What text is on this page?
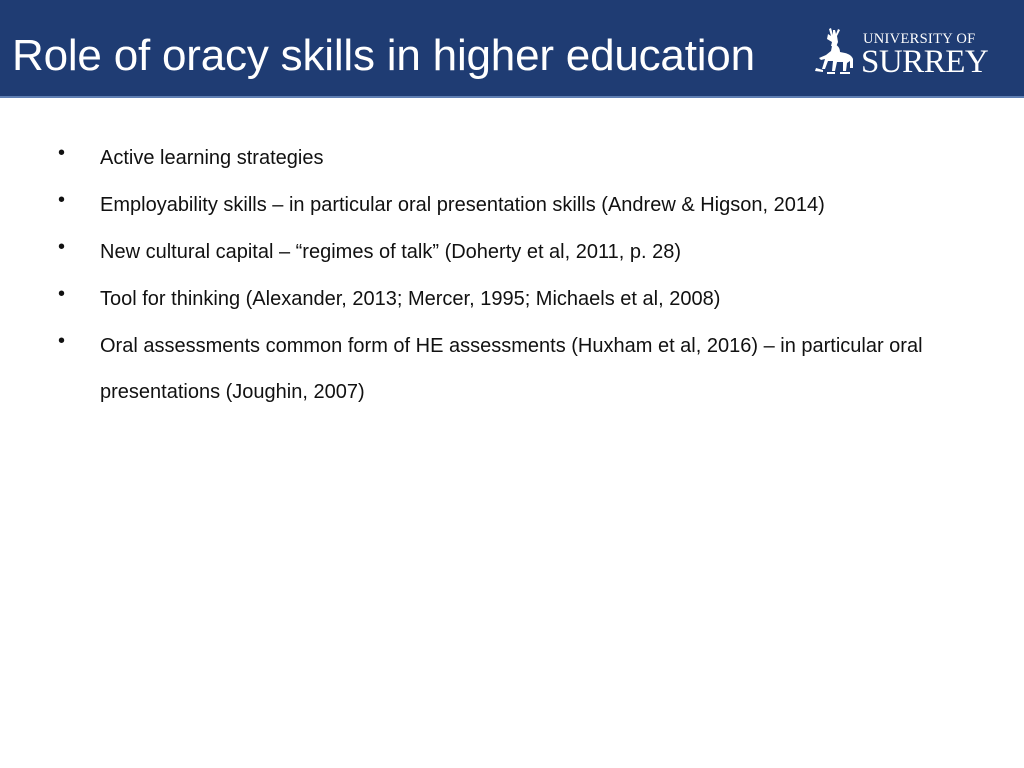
Role of oracy skills in higher education	UNIVERSITY OF
SURREY
•	Active learning strategies
•	Employability skills – in particular oral presentation skills (Andrew & Higson, 2014)
•	New cultural capital – “regimes of talk” (Doherty et al, 2011, p. 28)
•	Tool for thinking (Alexander, 2013; Mercer, 1995; Michaels et al, 2008)
•	Oral assessments common form of HE assessments (Huxham et al, 2016) – in particular oral presentations (Joughin, 2007)
